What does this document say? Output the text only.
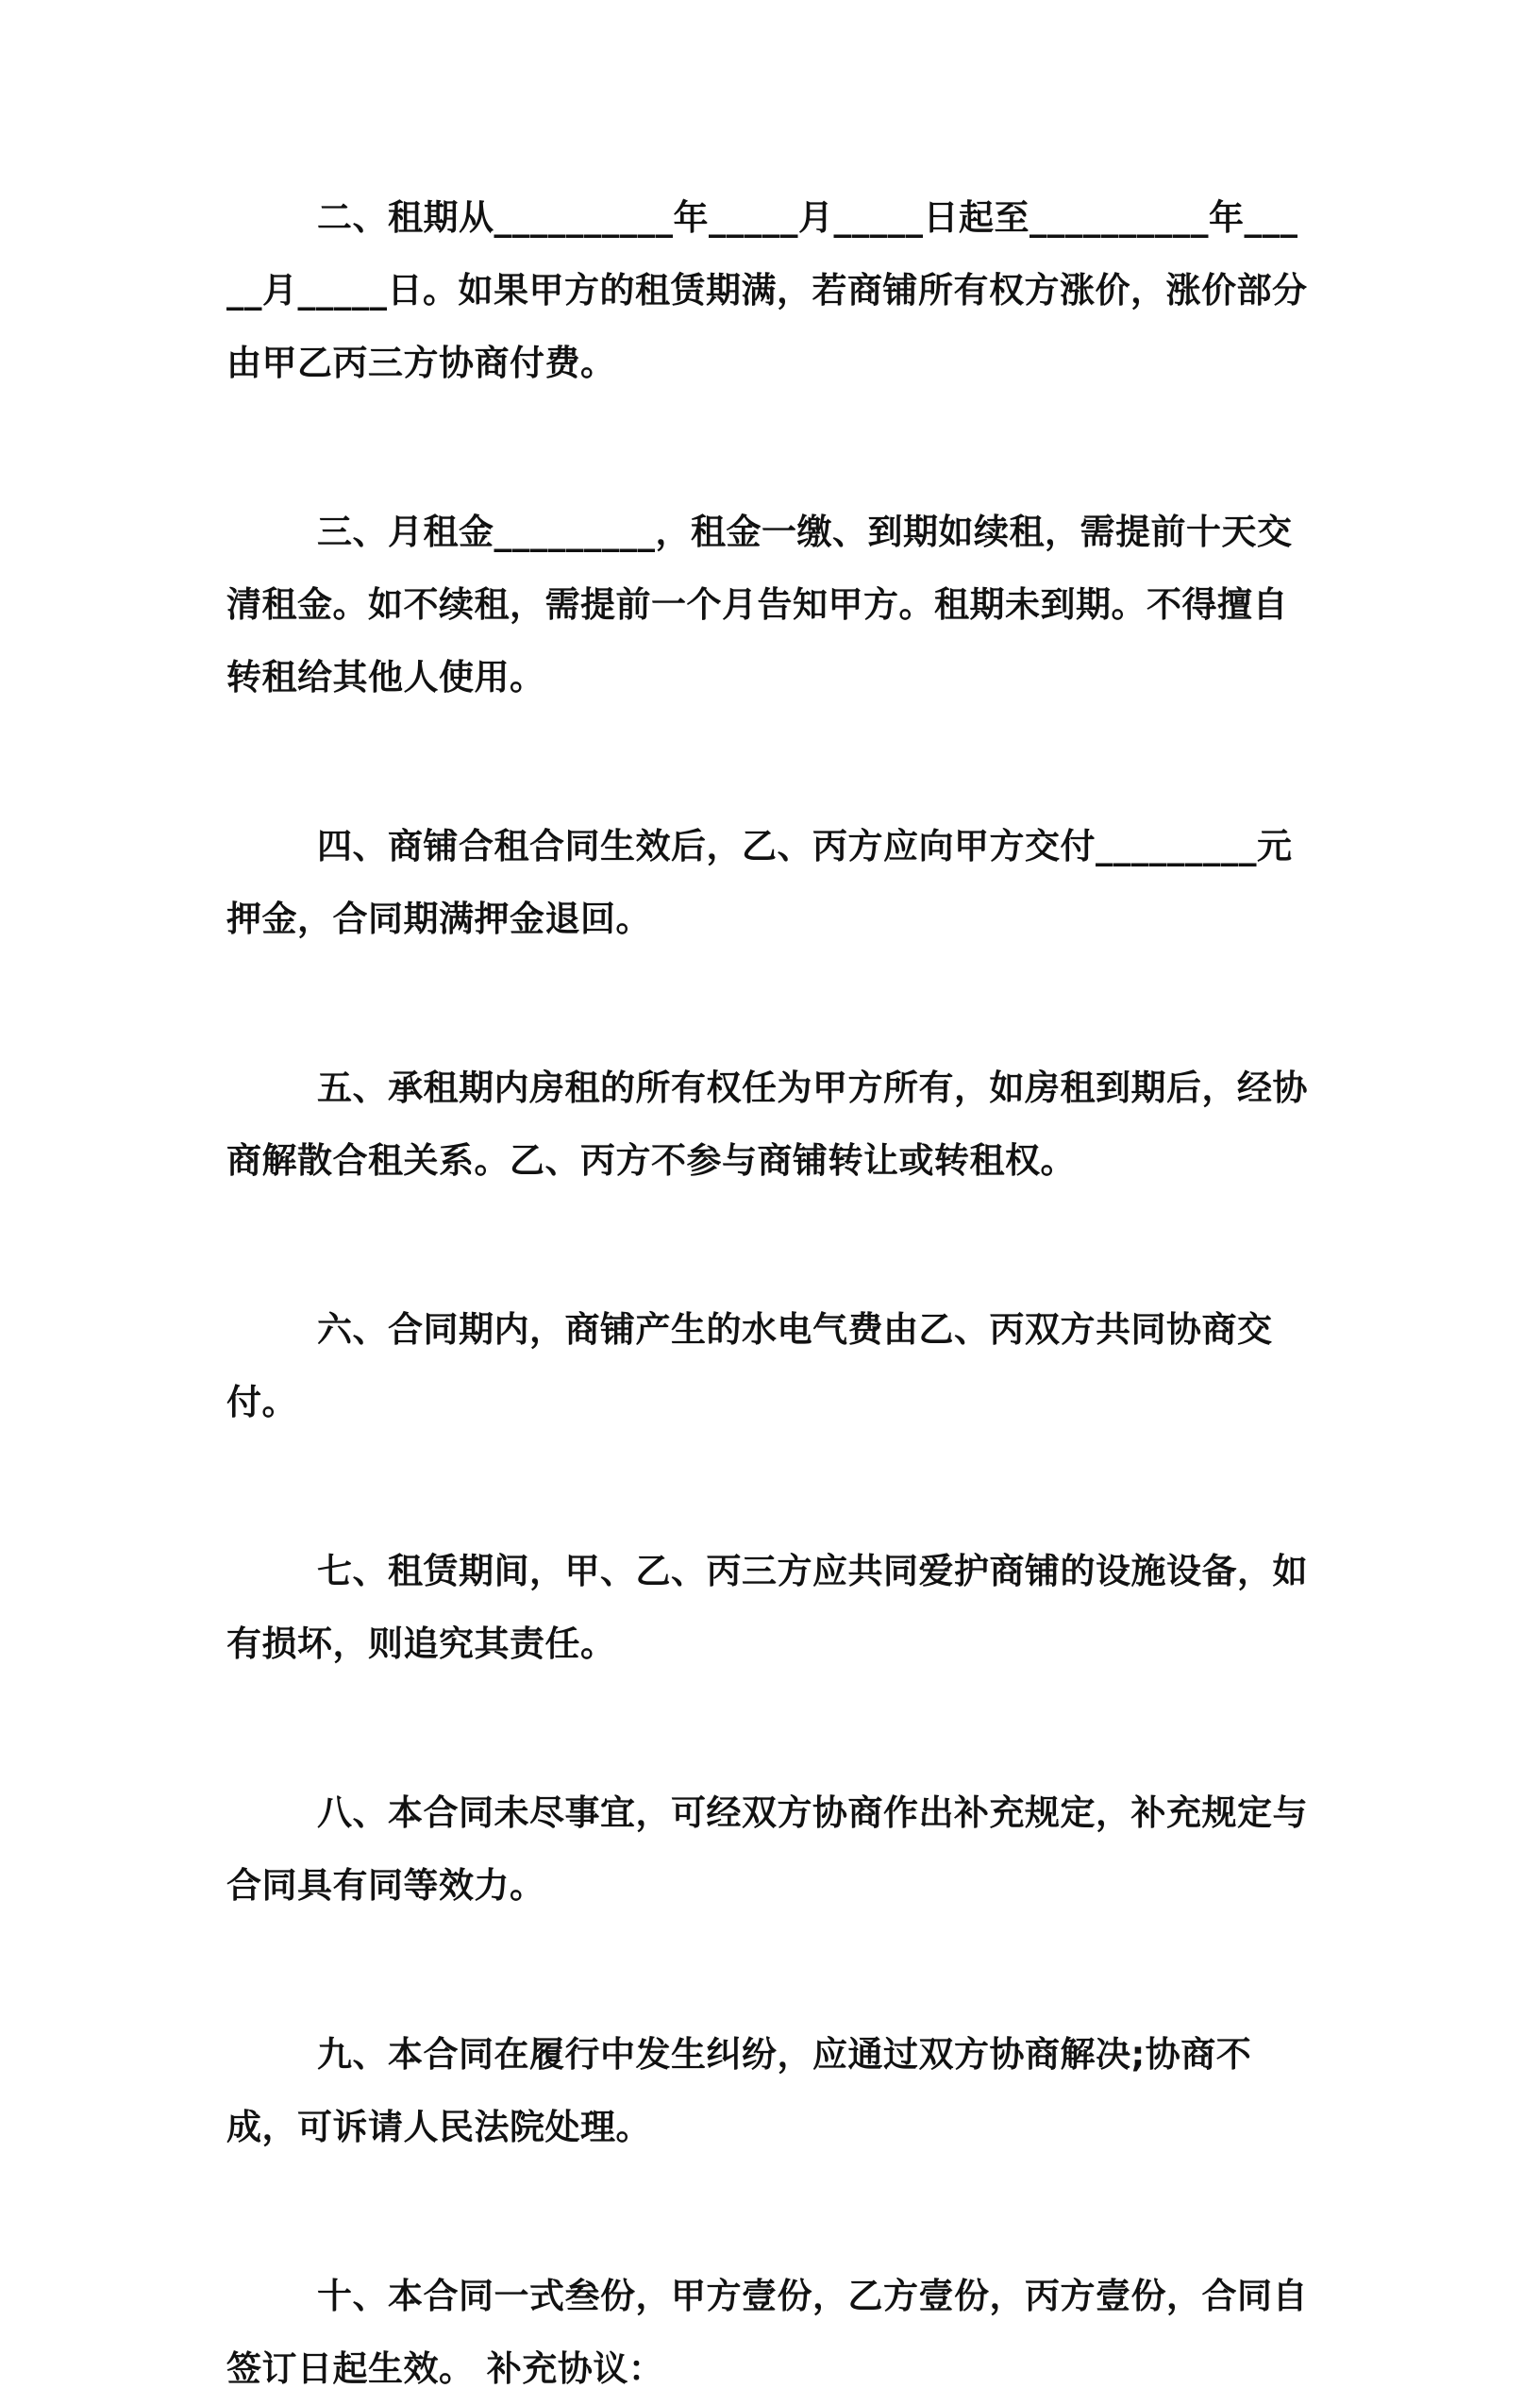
二、租期从__________年_____月_____日起至__________年_____月_____日。如果甲方的租赁期满，若商铺所有权方涨价，涨价部分由甲乙丙三方协商付费。

三、月租金_________，租金一缴、到期如续租，需提前十天交清租金。如不续租，需提前一个月告知甲方。租期未到期。不得擅自转租给其他人使用。

四、商铺合租合同生效后，乙、丙方应向甲方交付_________元押金，合同期满押金退回。

五、承租期内房租的所有权任为甲方所有，如房租到期后，经协商解散合租关系。乙、丙方不参与商铺转让或转租权。

六、合同期内，商铺产生的水电气费由乙、丙双方共同协商交付。

七、租赁期间，甲、乙、丙三方应共同爱护商铺的设施设备，如有损坏，则追究其责任。

八、本合同未尽事宜，可经双方协商作出补充规定，补充规定与合同具有同等效力。

九、本合同在履行中发生纠纷，应通过双方协商解决;协商不成，可诉请人民法院处理。

十、本合同一式叁份，甲方壹份，乙方壹份，丙方壹份，合同自签订日起生效。 补充协议：
